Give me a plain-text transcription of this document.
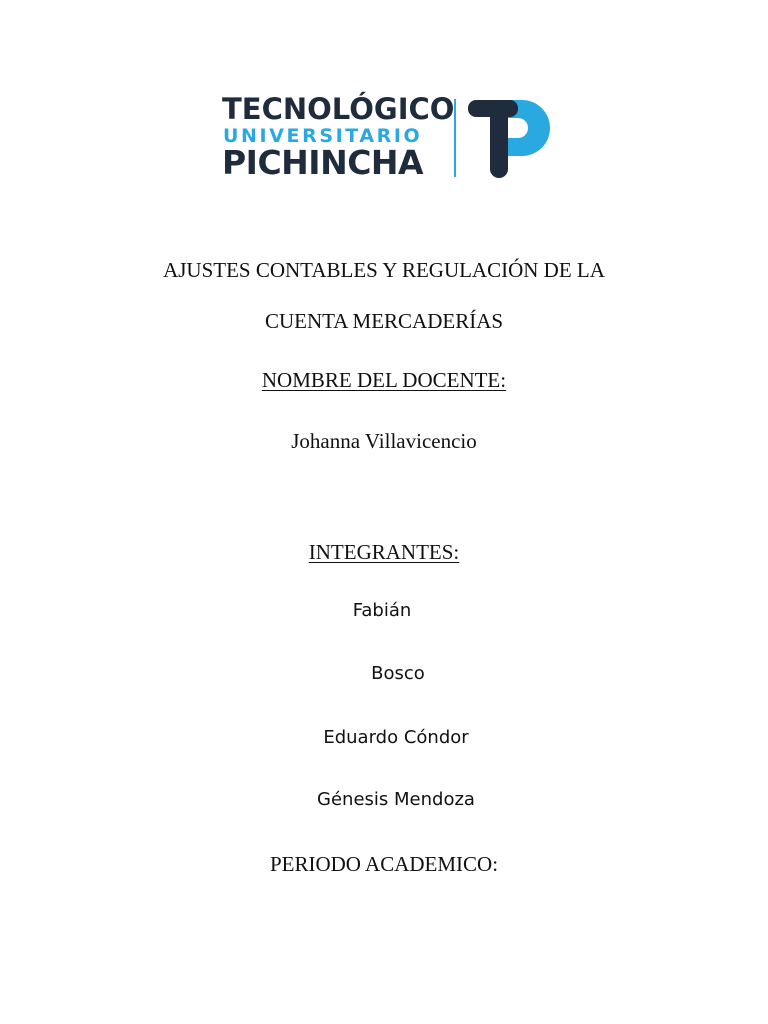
TECNOLÓGICO
UNIVERSITARIO
PICHINCHA
AJUSTES CONTABLES Y REGULACIÓN DE LA
CUENTA MERCADERÍAS
NOMBRE DEL DOCENTE:
Johanna Villavicencio
INTEGRANTES:
Fabián
Bosco
Eduardo Cóndor
Génesis Mendoza
PERIODO ACADEMICO:
